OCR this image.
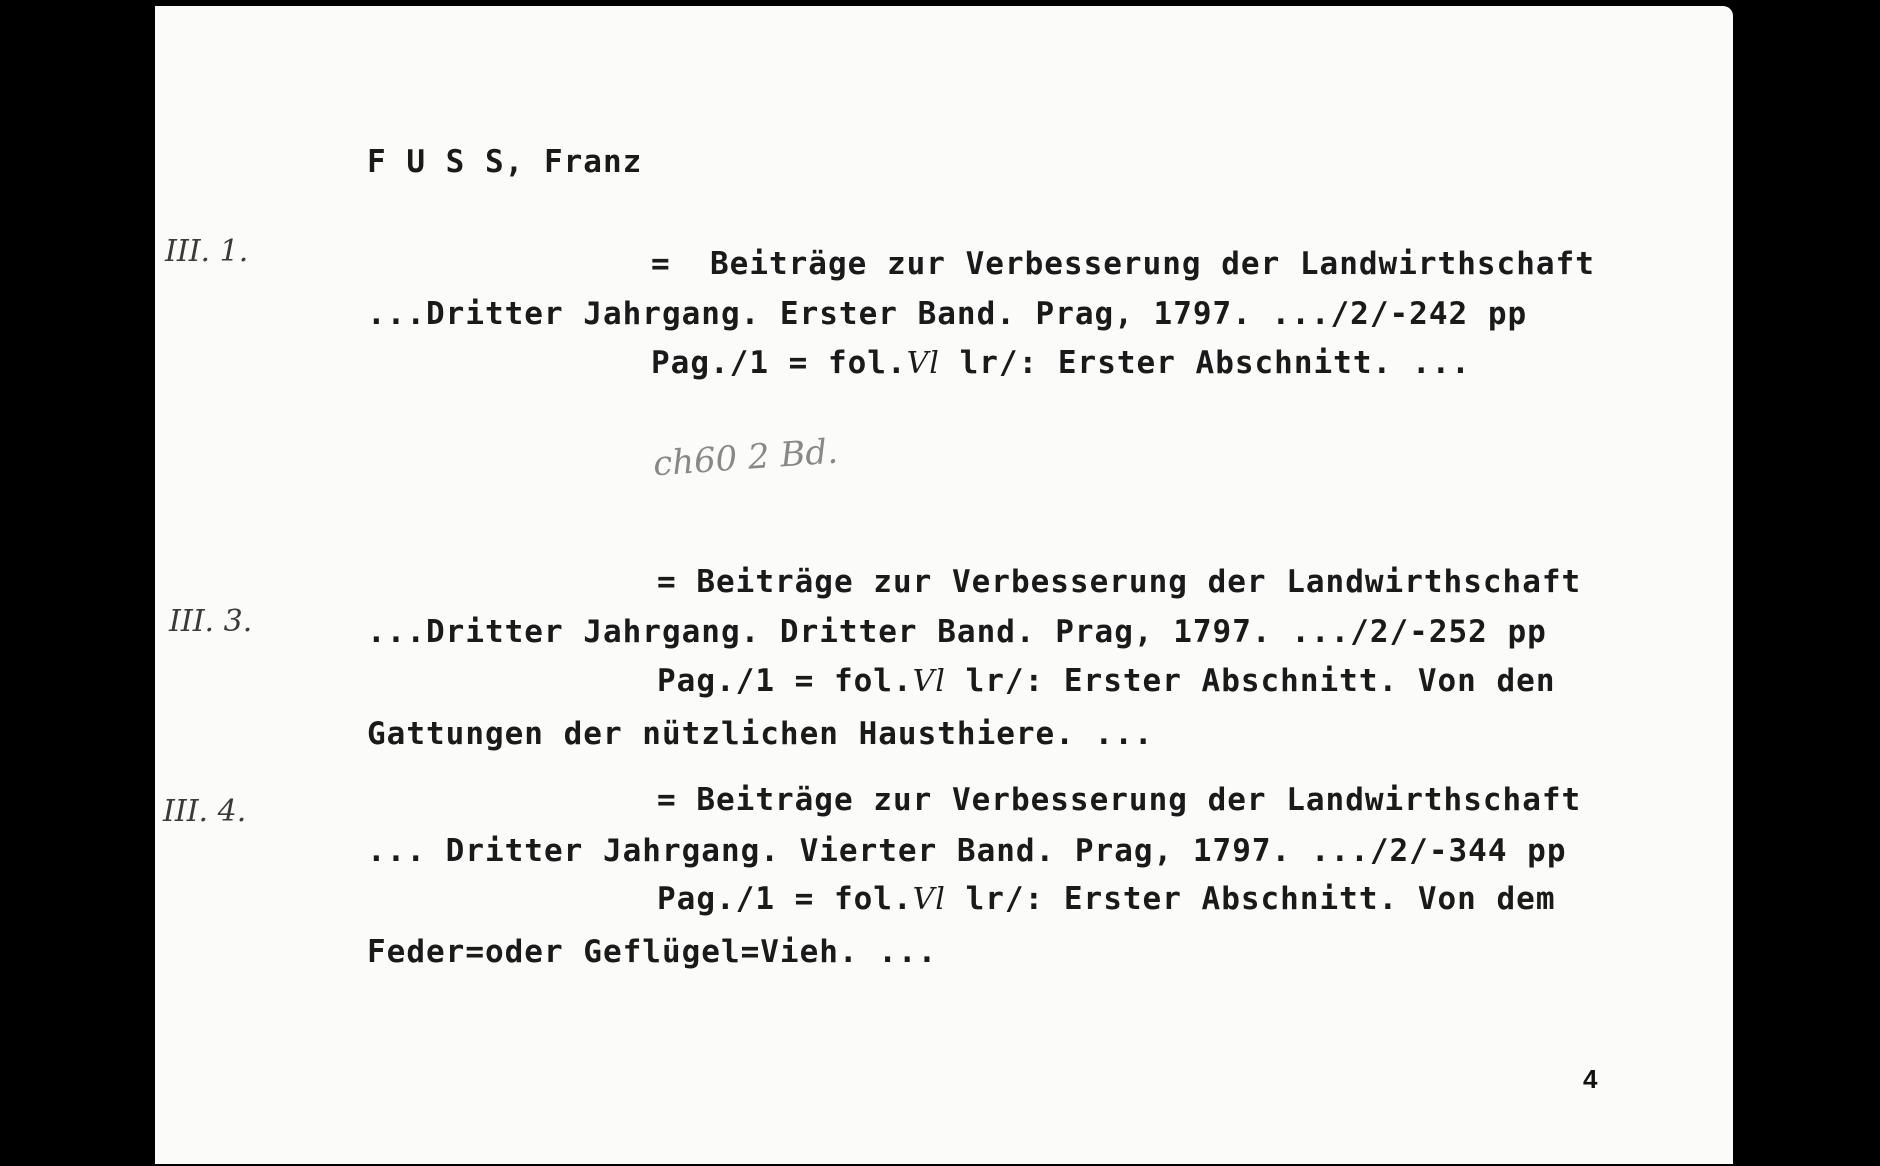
F U S S, Franz
III. 1.	=  Beiträge zur Verbesserung der Landwirthschaft
...Dritter Jahrgang. Erster Band. Prag, 1797. .../2/-242 pp
Pag./1 = fol.Vl lr/: Erster Abschnitt. ...
ch60 2 Bd.
III. 3.
= Beiträge zur Verbesserung der Landwirthschaft
...Dritter Jahrgang. Dritter Band. Prag, 1797. .../2/-252 pp
Pag./1 = fol.Vl lr/: Erster Abschnitt. Von den
Gattungen der nützlichen Hausthiere. ...
III. 4.	= Beiträge zur Verbesserung der Landwirthschaft
... Dritter Jahrgang. Vierter Band. Prag, 1797. .../2/-344 pp
Pag./1 = fol.Vl lr/: Erster Abschnitt. Von dem
Feder=oder Geflügel=Vieh. ...
4
